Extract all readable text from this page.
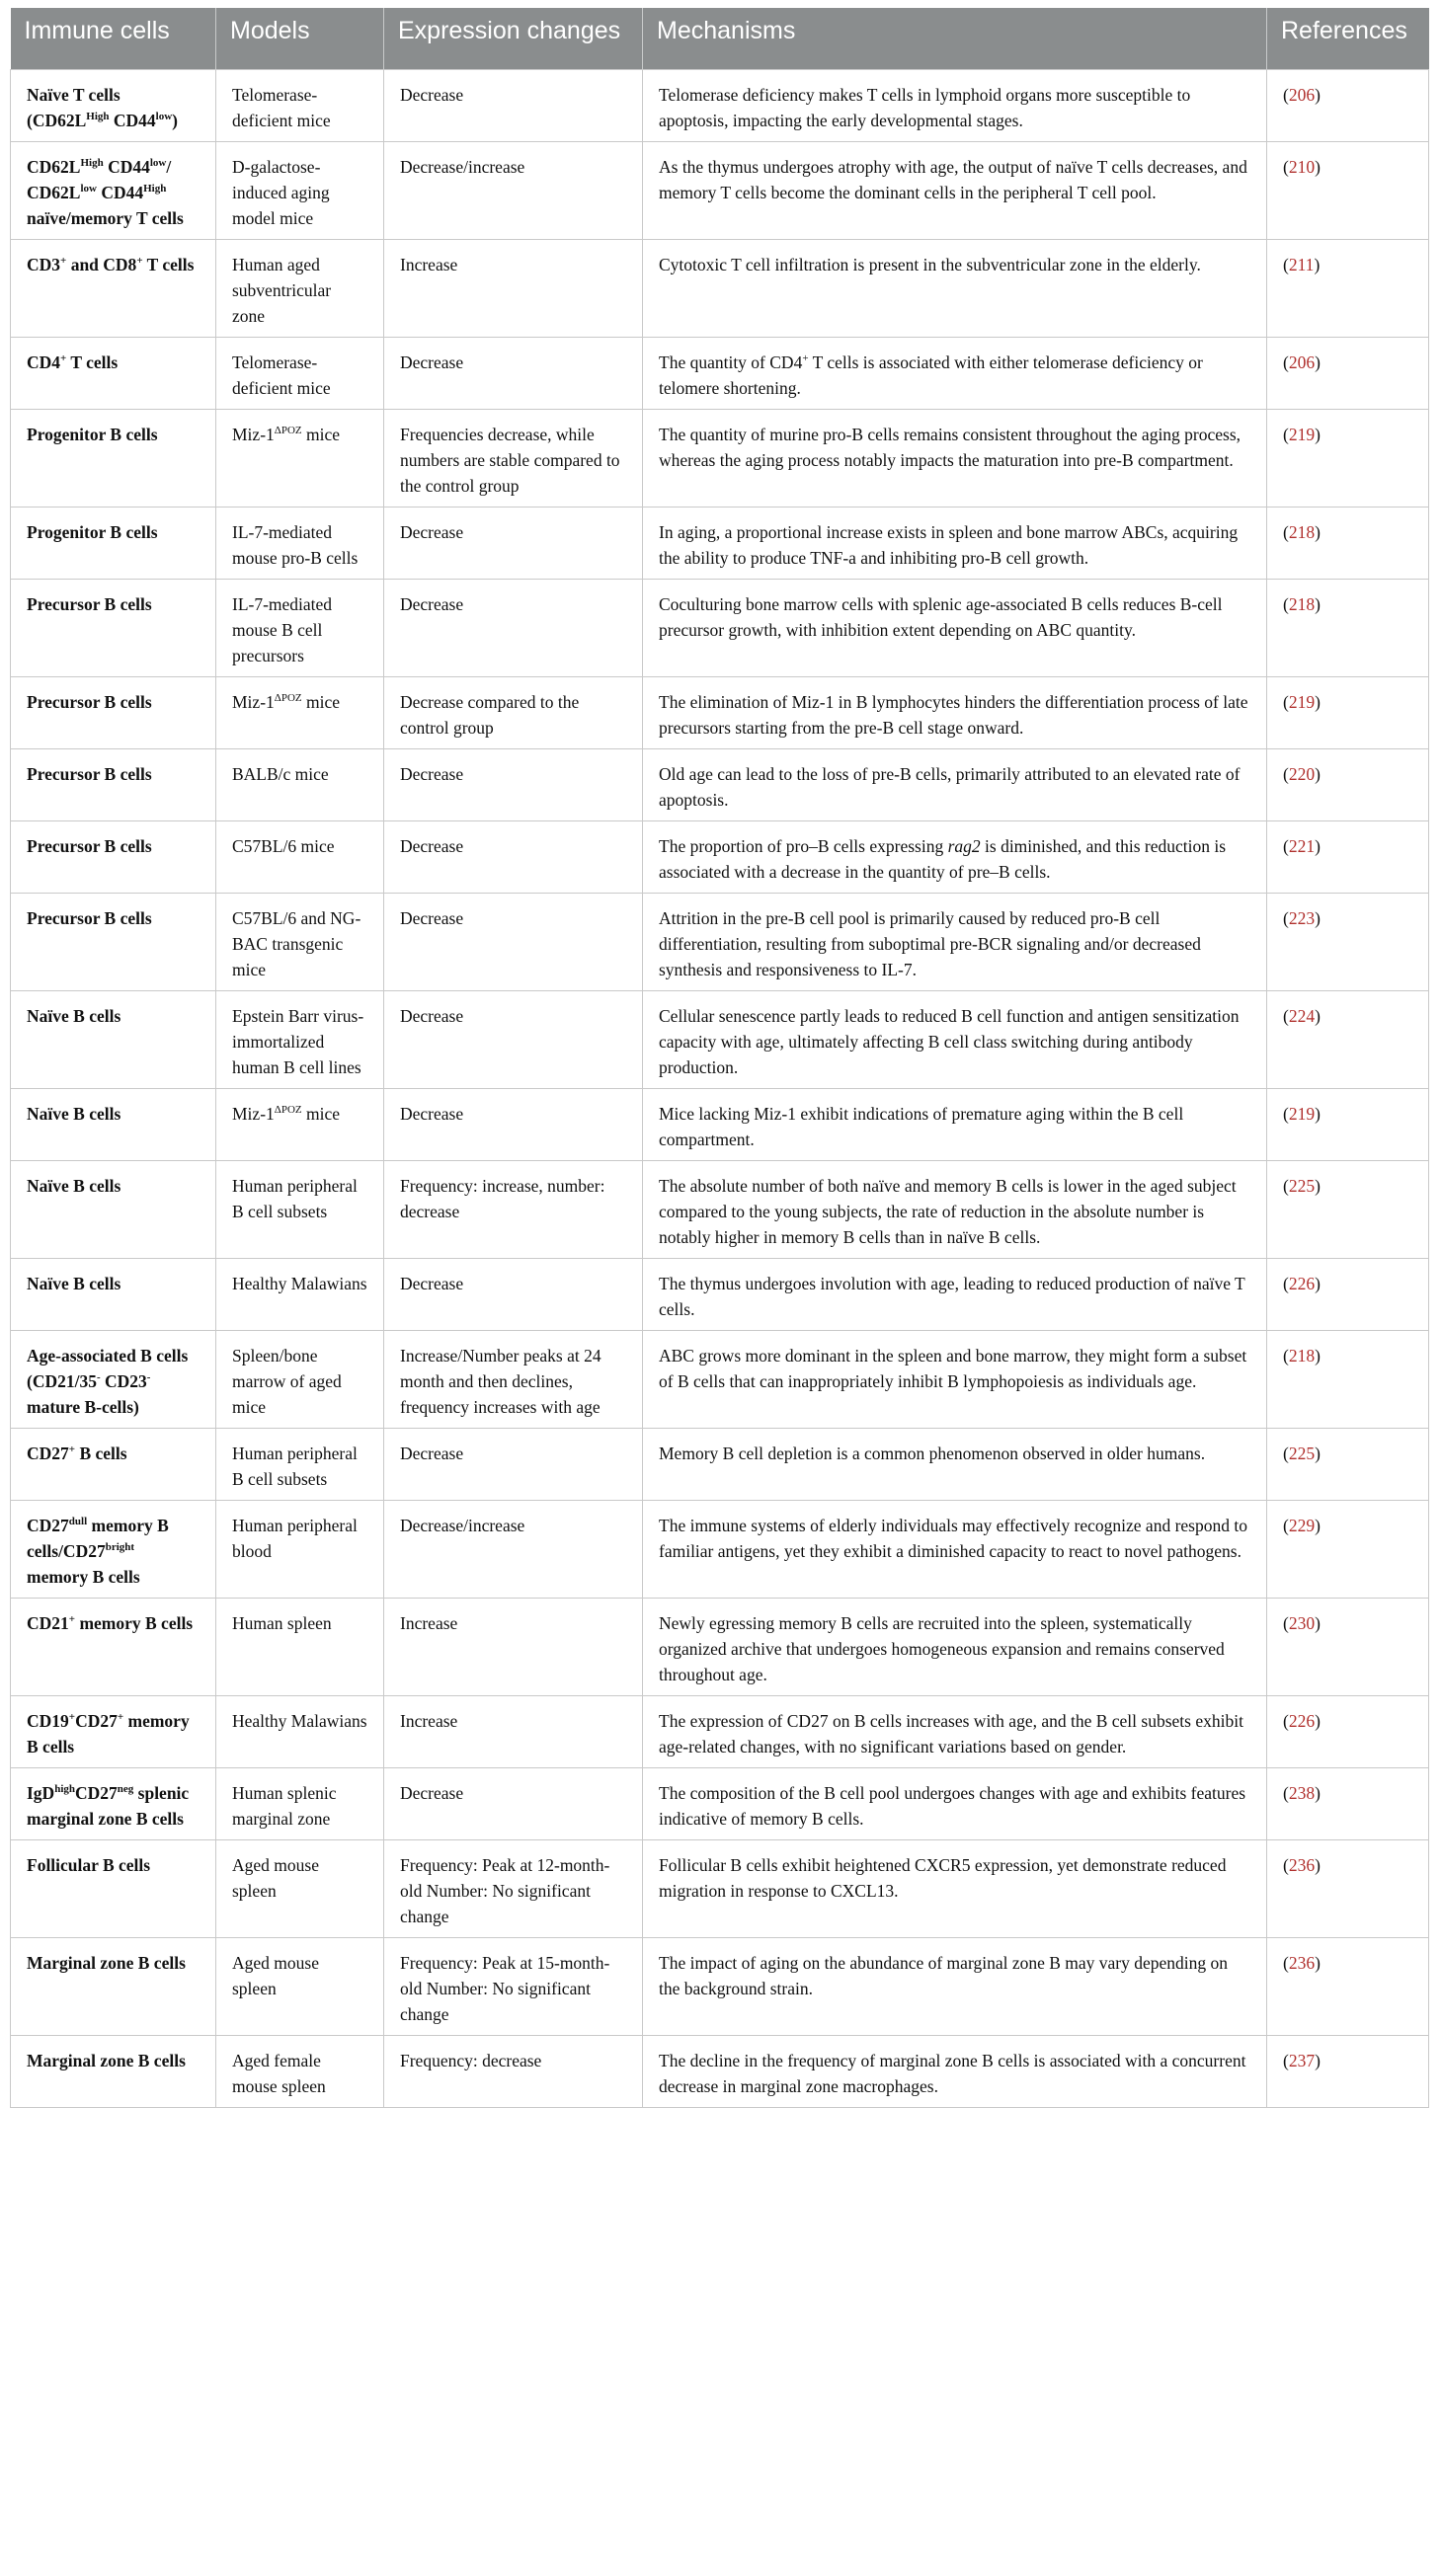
Immune cells	Models	Expression changes	Mechanisms	References
Naïve T cells ($CD62L^{High}$ $CD44^{low}$)	Telomerase-deficient mice	Decrease	Telomerase deficiency makes T cells in lymphoid organs more susceptible to apoptosis, impacting the early developmental stages.	(206)
$CD62L^{High}$ $CD44^{low}/$ $CD62L^{low}$ $CD44^{High}$ naïve/memory T cells	D-galactose-induced aging model mice	Decrease/increase	As the thymus undergoes atrophy with age, the output of naïve T cells decreases, and memory T cells become the dominant cells in the peripheral T cell pool.	(210)
CD3+ and CD8+ T cells	Human aged subventricular zone	Increase	Cytotoxic T cell infiltration is present in the subventricular zone in the elderly.	(211)
CD4+ T cells	Telomerase-deficient mice	Decrease	The quantity of CD4+ T cells is associated with either telomerase deficiency or telomere shortening.	(206)
Progenitor B cells	Miz-$1^{\Delta POZ}$ mice	Frequencies decrease, while numbers are stable compared to the control group	The quantity of murine pro-B cells remains consistent throughout the aging process, whereas the aging process notably impacts the maturation into pre-B compartment.	(219)
Progenitor B cells	IL-7-mediated mouse pro-B cells	Decrease	In aging, a proportional increase exists in spleen and bone marrow ABCs, acquiring the ability to produce TNF-a and inhibiting pro-B cell growth.	(218)
Precursor B cells	IL-7-mediated mouse B cell precursors	Decrease	Coculturing bone marrow cells with splenic age-associated B cells reduces B-cell precursor growth, with inhibition extent depending on ABC quantity.	(218)
Precursor B cells	Miz-$1^{\Delta POZ}$ mice	Decrease compared to the control group	The elimination of Miz-1 in B lymphocytes hinders the differentiation process of late precursors starting from the pre-B cell stage onward.	(219)
Precursor B cells	BALB/c mice	Decrease	Old age can lead to the loss of pre-B cells, primarily attributed to an elevated rate of apoptosis.	(220)
Precursor B cells	C57BL/6 mice	Decrease	The proportion of pro–B cells expressing rag2 is diminished, and this reduction is associated with a decrease in the quantity of pre–B cells.	(221)
Precursor B cells	C57BL/6 and NG-BAC transgenic mice	Decrease	Attrition in the pre-B cell pool is primarily caused by reduced pro-B cell differentiation, resulting from suboptimal pre-BCR signaling and/or decreased synthesis and responsiveness to IL-7.	(223)
Naïve B cells	Epstein Barr virus-immortalized human B cell lines	Decrease	Cellular senescence partly leads to reduced B cell function and antigen sensitization capacity with age, ultimately affecting B cell class switching during antibody production.	(224)
Naïve B cells	Miz-$1^{\Delta POZ}$ mice	Decrease	Mice lacking Miz-1 exhibit indications of premature aging within the B cell compartment.	(219)
Naïve B cells	Human peripheral B cell subsets	Frequency: increase, number: decrease	The absolute number of both naïve and memory B cells is lower in the aged subject compared to the young subjects, the rate of reduction in the absolute number is notably higher in memory B cells than in naïve B cells.	(225)
Naïve B cells	Healthy Malawians	Decrease	The thymus undergoes involution with age, leading to reduced production of naïve T cells.	(226)
Age-associated B cells (CD21/35- CD23- mature B-cells)	Spleen/bone marrow of aged mice	Increase/Number peaks at 24 month and then declines, frequency increases with age	ABC grows more dominant in the spleen and bone marrow, they might form a subset of B cells that can inappropriately inhibit B lymphopoiesis as individuals age.	(218)
CD27+ B cells	Human peripheral B cell subsets	Decrease	Memory B cell depletion is a common phenomenon observed in older humans.	(225)
$CD27^{dull}$ memory B cells/$CD27^{bright}$ memory B cells	Human peripheral blood	Decrease/increase	The immune systems of elderly individuals may effectively recognize and respond to familiar antigens, yet they exhibit a diminished capacity to react to novel pathogens.	(229)
CD21+ memory B cells	Human spleen	Increase	Newly egressing memory B cells are recruited into the spleen, systematically organized archive that undergoes homogeneous expansion and remains conserved throughout age.	(230)
CD19+CD27+ memory B cells	Healthy Malawians	Increase	The expression of CD27 on B cells increases with age, and the B cell subsets exhibit age-related changes, with no significant variations based on gender.	(226)
$IgD^{high}CD27^{neg}$ splenic marginal zone B cells	Human splenic marginal zone	Decrease	The composition of the B cell pool undergoes changes with age and exhibits features indicative of memory B cells.	(238)
Follicular B cells	Aged mouse spleen	Frequency: Peak at 12-month-old Number: No significant change	Follicular B cells exhibit heightened CXCR5 expression, yet demonstrate reduced migration in response to CXCL13.	(236)
Marginal zone B cells	Aged mouse spleen	Frequency: Peak at 15-month-old Number: No significant change	The impact of aging on the abundance of marginal zone B may vary depending on the background strain.	(236)
Marginal zone B cells	Aged female mouse spleen	Frequency: decrease	The decline in the frequency of marginal zone B cells is associated with a concurrent decrease in marginal zone macrophages.	(237)
